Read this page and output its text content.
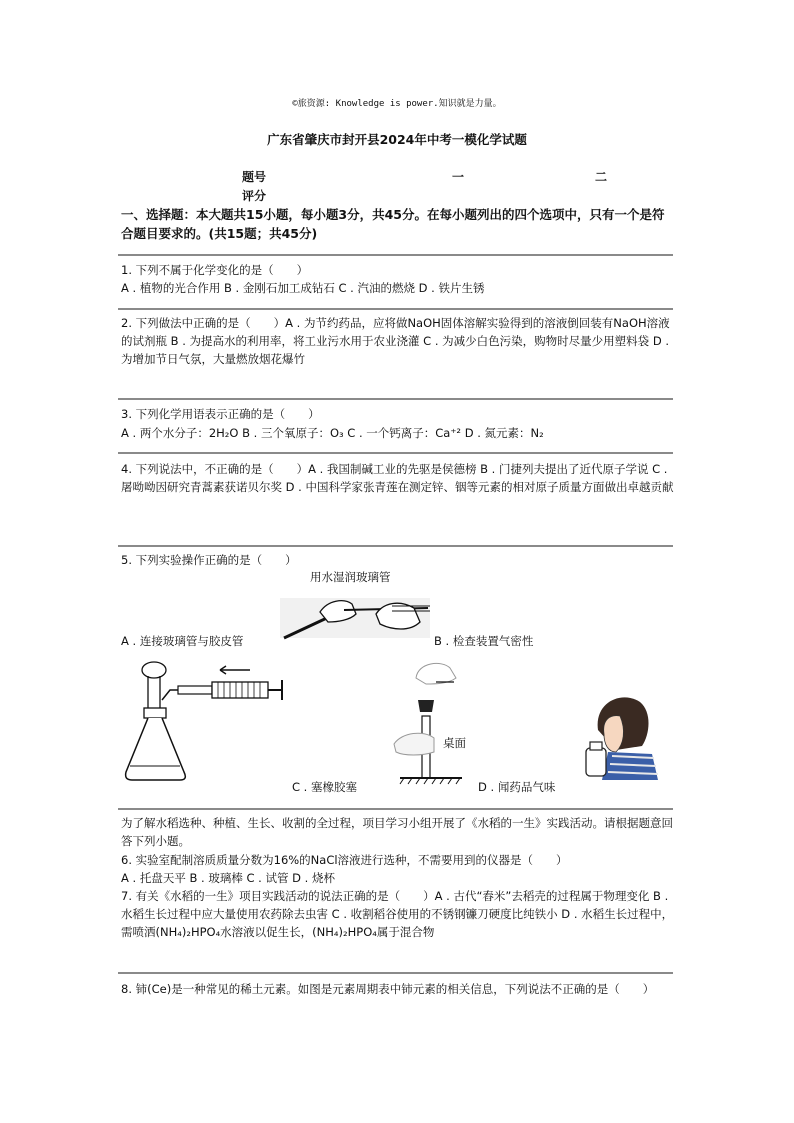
©旅资源: Knowledge is power.知识就是力量。
广东省肇庆市封开县2024年中考一模化学试题
题号	一	二
评分
一、选择题：本大题共15小题，每小题3分，共45分。在每小题列出的四个选项中，只有一个是符合题目要求的。(共15题；共45分)
1. 下列不属于化学变化的是（　　）
A . 植物的光合作用 B . 金刚石加工成钻石 C . 汽油的燃烧 D . 铁片生锈
2. 下列做法中正确的是（　　）A . 为节约药品，应将做NaOH固体溶解实验得到的溶液倒回装有NaOH溶液的试剂瓶 B . 为提高水的利用率，将工业污水用于农业浇灌 C . 为减少白色污染，购物时尽量少用塑料袋 D . 为增加节日气氛，大量燃放烟花爆竹
3. 下列化学用语表示正确的是（　　）
A . 两个水分子：2H₂O B . 三个氧原子：O₃ C . 一个钙离子：Ca⁺² D . 氮元素：N₂
4. 下列说法中，不正确的是（　　）A . 我国制碱工业的先驱是侯德榜 B . 门捷列夫提出了近代原子学说 C . 屠呦呦因研究青蒿素获诺贝尔奖 D . 中国科学家张青莲在测定锌、铟等元素的相对原子质量方面做出卓越贡献
5. 下列实验操作正确的是（　　）
用水湿润玻璃管
A . 连接玻璃管与胶皮管	B . 检查装置气密性
桌面
C . 塞橡胶塞	D . 闻药品气味
为了解水稻选种、种植、生长、收割的全过程，项目学习小组开展了《水稻的一生》实践活动。请根据题意回答下列小题。
6. 实验室配制溶质质量分数为16%的NaCl溶液进行选种，不需要用到的仪器是（　　）
A . 托盘天平 B . 玻璃棒 C . 试管 D . 烧杯
7. 有关《水稻的一生》项目实践活动的说法正确的是（　　）A . 古代“舂米”去稻壳的过程属于物理变化 B . 水稻生长过程中应大量使用农药除去虫害 C . 收割稻谷使用的不锈钢镰刀硬度比纯铁小 D . 水稻生长过程中，需喷洒(NH₄)₂HPO₄水溶液以促生长，(NH₄)₂HPO₄属于混合物
8. 铈(Ce)是一种常见的稀土元素。如图是元素周期表中铈元素的相关信息，下列说法不正确的是（　　）
